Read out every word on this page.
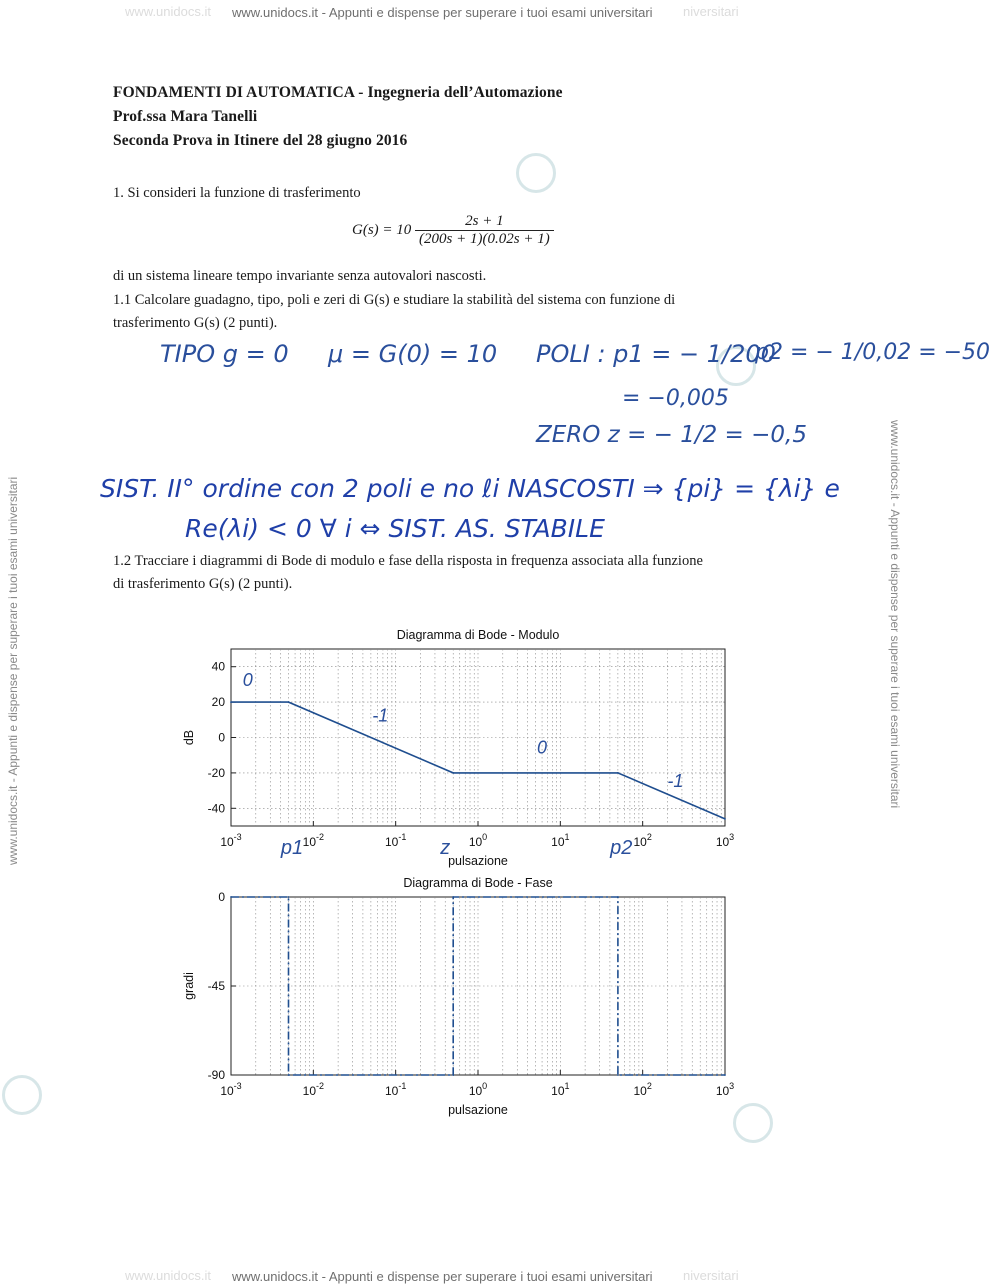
www.unidocs.it www.unidocs.it - Appunti e dispense per superare i tuoi esami universitari niversitari
www.unidocs.it www.unidocs.it - Appunti e dispense per superare i tuoi esami universitari niversitari
www.unidocs.it - Appunti e dispense per superare i tuoi esami universitari	www.unidocs.it - Appunti e dispense per superare i tuoi esami universitari
FONDAMENTI DI AUTOMATICA - Ingegneria dell’Automazione
Prof.ssa Mara Tanelli
Seconda Prova in Itinere del 28 giugno 2016
1. Si consideri la funzione di trasferimento
$G(s) = 10 \frac{2s + 1}{(200s + 1)(0.02s + 1)}$
di un sistema lineare tempo invariante senza autovalori nascosti.
1.1 Calcolare guadagno, tipo, poli e zeri di G(s) e studiare la stabilità del sistema con funzione di
trasferimento G(s) (2 punti).
TIPO g = 0 μ = G(0) = 10 POLI : p1 = − 1/200
= −0,005
p2 = − 1/0,02 = −50
ZERO z = − 1/2 = −0,5
SIST. II° ordine con 2 poli e no ℓi NASCOSTI ⇒ {pi} = {λi} e
Re(λi) < 0 ∀ i ⇔ SIST. AS. STABILE
1.2 Tracciare i diagrammi di Bode di modulo e fase della risposta in frequenza associata alla funzione
di trasferimento G(s) (2 punti).
$10^{-3}$	$10^{-2}$	$10^{-1}$	$10^0$	$10^1$	$10^2$	$10^3$
40
20
0
-20
-40
Diagramma di Bode - Modulo
pulsazione
dB
0
-1
0
-1
p1	z	p2
$10^{-3}$	$10^{-2}$	$10^{-1}$	$10^0$	$10^1$	$10^2$	$10^3$
0
-45
-90
Diagramma di Bode - Fase
pulsazione
gradi
